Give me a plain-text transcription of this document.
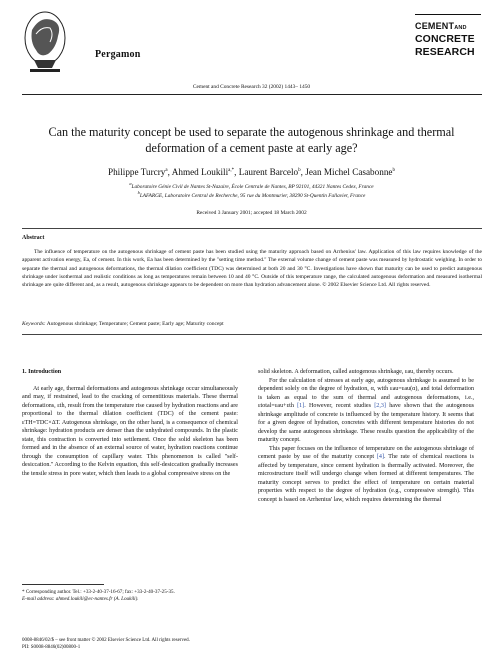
Pergamon
CEMENTAND
CONCRETE
RESEARCH
Cement and Concrete Research 32 (2002) 1443– 1450
Can the maturity concept be used to separate the autogenous shrinkage and thermal deformation of a cement paste at early age?
Philippe Turcry$^a$, Ahmed Loukili$^{a,*}$, Laurent Barcelo$^b$, Jean Michel Casabonne$^b$
$^a$Laboratoire Génie Civil de Nantes St-Nazaire, École Centrale de Nantes, BP 92101, 44321 Nantes Cedex, France
$^b$LAFARGE, Laboratoire Central de Recherche, 95 rue du Montmurier, 38290 St-Quentin Fallavier, France
Received 3 January 2001; accepted 18 March 2002
Abstract
The influence of temperature on the autogenous shrinkage of cement paste has been studied using the maturity approach based on Arrhenius' law. Application of this law requires knowledge of the apparent activation energy, Ea, of cement. In this work, Ea has been determined by the ''setting time method.'' The external volume change of cement paste was measured by hydrostatic weighing. In order to separate the thermal and autogenous deformations, the thermal dilation coefficient (TDC) was determined at both 20 and 30 °C. Investigations have shown that maturity can be used to predict autogenous shrinkage under isothermal and realistic conditions as long as temperatures remain between 10 and 40 °C. Outside of this temperature range, the calculated autogenous deformation and measured isothermal shrinkage are quite different and, as a result, autogenous shrinkage appears to be dependent on more than hydration advancement alone. © 2002 Elsevier Science Ltd. All rights reserved.
Keywords: Autogenous shrinkage; Temperature; Cement paste; Early age; Maturity concept
1. Introduction

At early age, thermal deformations and autogenous shrinkage occur simultaneously and may, if restrained, lead to the cracking of cementitious materials. These thermal deformations, εth, result from the temperature rise caused by hydration reactions and are proportional to the thermal dilation coefficient (TDC) of the cement paste: εTH=TDC×ΔT. Autogenous shrinkage, on the other hand, is a consequence of chemical shrinkage: hydration products are denser than the unhydrated compounds. In the plastic state, this contraction is converted into settlement. Once the solid skeleton has been formed and in the absence of an external source of water, hydration reactions continue through the consumption of capillary water. This phenomenon is called ''self-desiccation.'' According to the Kelvin equation, this self-desiccation gradually increases the tensile stress in pore water, which then leads to a global compressive stress on the

solid skeleton. A deformation, called autogenous shrinkage, εau, thereby occurs.

For the calculation of stresses at early age, autogenous shrinkage is assumed to be dependent solely on the degree of hydration, α, with εau=εau(α), and total deformation is taken as equal to the sum of thermal and autogenous deformations, i.e., εtotal=εau+εth [1]. However, recent studies [2,3] have shown that the autogenous shrinkage amplitude of concrete is influenced by the temperature history. It seems that for a given degree of hydration, concretes with different temperature histories do not develop the same autogenous shrinkage. These results question the applicability of the maturity concept.

This paper focuses on the influence of temperature on the autogenous shrinkage of cement paste by use of the maturity concept [4]. The rate of chemical reactions is affected by temperature, since cement hydration is thermally activated. Moreover, the microstructure itself will undergo change when formed at different temperatures. The maturity concept serves to predict the effect of temperature on certain material properties with respect to the degree of hydration (e.g., compressive strength). This concept is based on Arrhenius' law, which requires determining the thermal

* Corresponding author. Tel.: +33-2-40-37-16-67; fax: +33-2-40-37-25-35.
E-mail address: ahmed.loukili@ec-nantes.fr (A. Loukili).
0008-8846/02/$ – see front matter © 2002 Elsevier Science Ltd. All rights reserved.
PII: S0008-8846(02)00800-1
